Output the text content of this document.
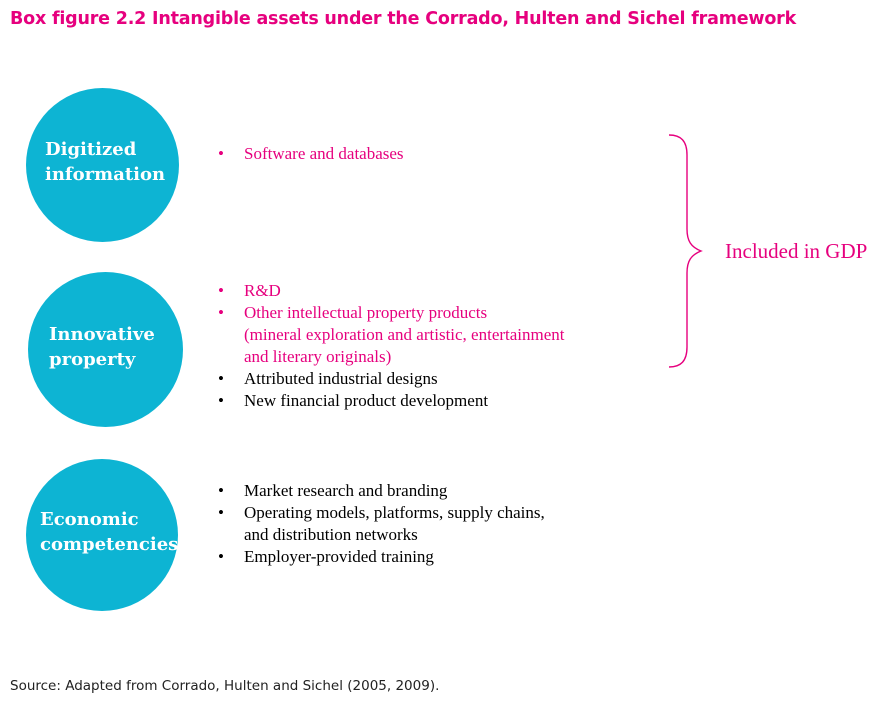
Box figure 2.2 Intangible assets under the Corrado, Hulten and Sichel framework
Digitized
information
• Software and databases
Innovative
property
• R&D
• Other intellectual property products
(mineral exploration and artistic, entertainment
and literary originals)
• Attributed industrial designs
• New financial product development
Economic
competencies
• Market research and branding
• Operating models, platforms, supply chains,
and distribution networks
• Employer-provided training
Included in GDP
Source: Adapted from Corrado, Hulten and Sichel (2005, 2009).
